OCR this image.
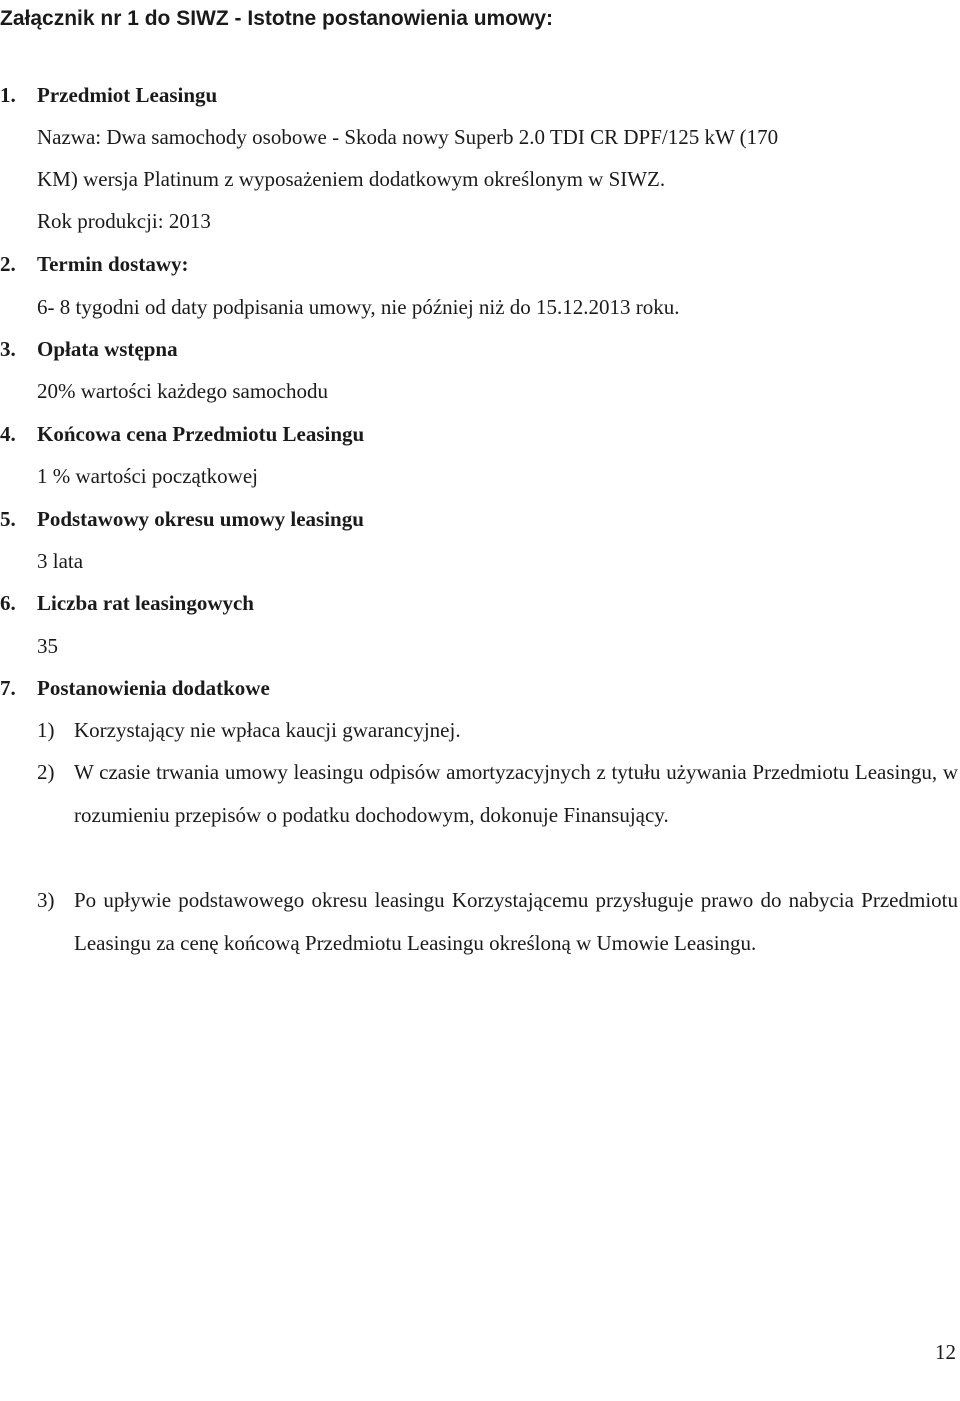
Załącznik nr 1 do SIWZ - Istotne postanowienia umowy:
1. Przedmiot Leasingu
Nazwa: Dwa samochody osobowe - Skoda nowy Superb 2.0 TDI CR DPF/125 kW (170
KM) wersja Platinum z wyposażeniem dodatkowym określonym w SIWZ.
Rok produkcji: 2013
2. Termin dostawy:
6- 8 tygodni od daty podpisania umowy, nie później niż do 15.12.2013 roku.
3. Opłata wstępna
20% wartości każdego samochodu
4. Końcowa cena Przedmiotu Leasingu
1 % wartości początkowej
5. Podstawowy okresu umowy leasingu
3 lata
6. Liczba rat leasingowych
35
7. Postanowienia dodatkowe
1) Korzystający nie wpłaca kaucji gwarancyjnej.
2) W czasie trwania umowy leasingu odpisów amortyzacyjnych z tytułu używania Przedmiotu Leasingu, w rozumieniu przepisów o podatku dochodowym, dokonuje Finansujący.
3) Po upływie podstawowego okresu leasingu Korzystającemu przysługuje prawo do nabycia Przedmiotu Leasingu za cenę końcową Przedmiotu Leasingu określoną w Umowie Leasingu.
12
